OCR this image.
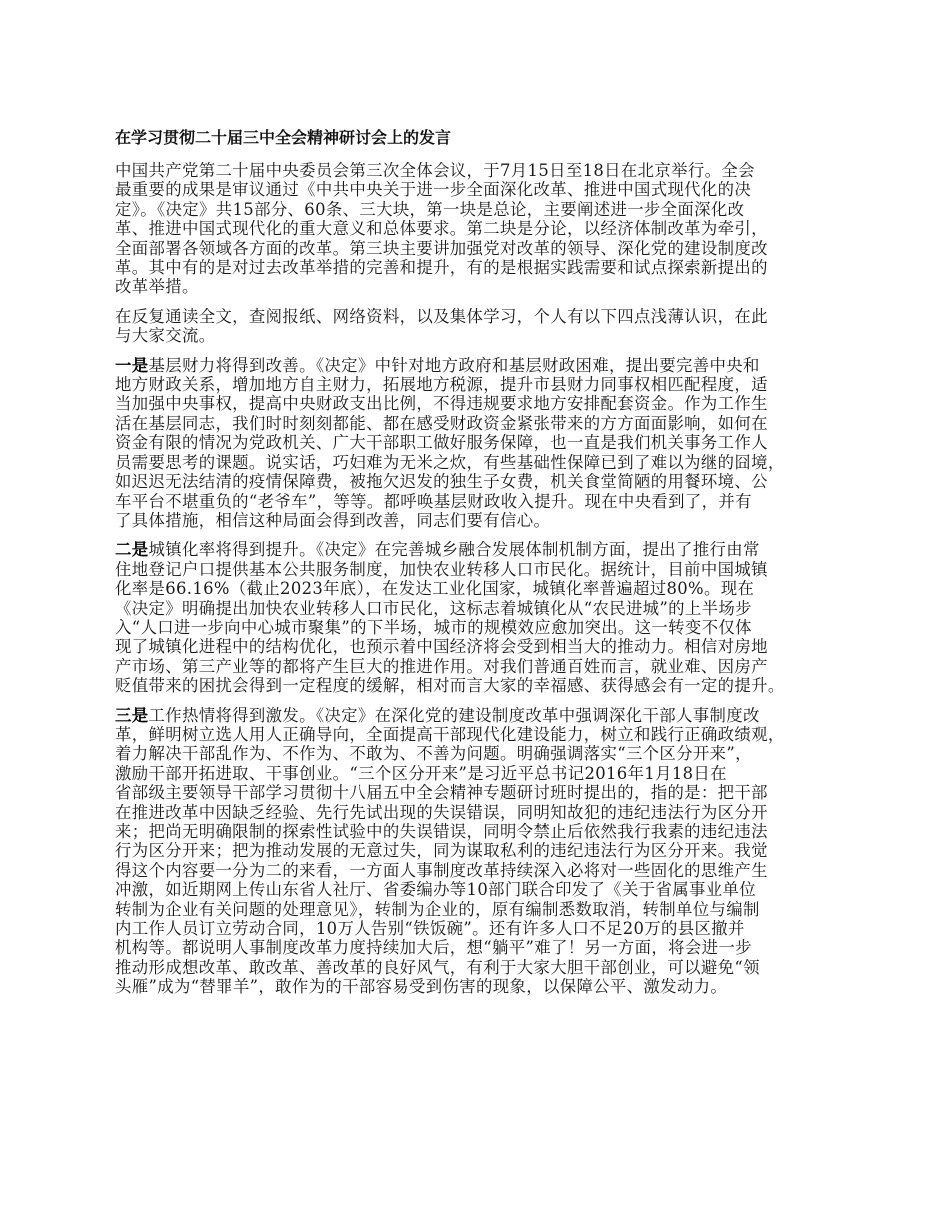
在学习贯彻二十届三中全会精神研讨会上的发言

中国共产党第二十届中央委员会第三次全体会议，于7月15日至18日在北京举行。全会
最重要的成果是审议通过《中共中央关于进一步全面深化改革、推进中国式现代化的决
定》。《决定》共15部分、60条、三大块，第一块是总论，主要阐述进一步全面深化改
革、推进中国式现代化的重大意义和总体要求。第二块是分论，以经济体制改革为牵引，
全面部署各领域各方面的改革。第三块主要讲加强党对改革的领导、深化党的建设制度改
革。其中有的是对过去改革举措的完善和提升，有的是根据实践需要和试点探索新提出的
改革举措。

在反复通读全文，查阅报纸、网络资料，以及集体学习，个人有以下四点浅薄认识，在此
与大家交流。

一是基层财力将得到改善。《决定》中针对地方政府和基层财政困难，提出要完善中央和
地方财政关系，增加地方自主财力，拓展地方税源，提升市县财力同事权相匹配程度，适
当加强中央事权，提高中央财政支出比例，不得违规要求地方安排配套资金。作为工作生
活在基层同志，我们时时刻刻都能、都在感受财政资金紧张带来的方方面面影响，如何在
资金有限的情况为党政机关、广大干部职工做好服务保障，也一直是我们机关事务工作人
员需要思考的课题。说实话，巧妇难为无米之炊，有些基础性保障已到了难以为继的囧境，
如迟迟无法结清的疫情保障费，被拖欠迟发的独生子女费，机关食堂简陋的用餐环境、公
车平台不堪重负的“老爷车”，等等。都呼唤基层财政收入提升。现在中央看到了，并有
了具体措施，相信这种局面会得到改善，同志们要有信心。

二是城镇化率将得到提升。《决定》在完善城乡融合发展体制机制方面，提出了推行由常
住地登记户口提供基本公共服务制度，加快农业转移人口市民化。据统计，目前中国城镇
化率是66.16%（截止2023年底），在发达工业化国家，城镇化率普遍超过80%。现在
《决定》明确提出加快农业转移人口市民化，这标志着城镇化从“农民进城”的上半场步
入“人口进一步向中心城市聚集”的下半场，城市的规模效应愈加突出。这一转变不仅体
现了城镇化进程中的结构优化，也预示着中国经济将会受到相当大的推动力。相信对房地
产市场、第三产业等的都将产生巨大的推进作用。对我们普通百姓而言，就业难、因房产
贬值带来的困扰会得到一定程度的缓解，相对而言大家的幸福感、获得感会有一定的提升。

三是工作热情将得到激发。《决定》在深化党的建设制度改革中强调深化干部人事制度改
革，鲜明树立选人用人正确导向，全面提高干部现代化建设能力，树立和践行正确政绩观，
着力解决干部乱作为、不作为、不敢为、不善为问题。明确强调落实“三个区分开来”，
激励干部开拓进取、干事创业。“三个区分开来”是习近平总书记2016年1月18日在
省部级主要领导干部学习贯彻十八届五中全会精神专题研讨班时提出的，指的是：把干部
在推进改革中因缺乏经验、先行先试出现的失误错误，同明知故犯的违纪违法行为区分开
来；把尚无明确限制的探索性试验中的失误错误，同明令禁止后依然我行我素的违纪违法
行为区分开来；把为推动发展的无意过失，同为谋取私利的违纪违法行为区分开来。我觉
得这个内容要一分为二的来看，一方面人事制度改革持续深入必将对一些固化的思维产生
冲激，如近期网上传山东省人社厅、省委编办等10部门联合印发了《关于省属事业单位
转制为企业有关问题的处理意见》，转制为企业的，原有编制悉数取消，转制单位与编制
内工作人员订立劳动合同，10万人告别“铁饭碗”。还有许多人口不足20万的县区撤并
机构等。都说明人事制度改革力度持续加大后，想“躺平”难了！另一方面，将会进一步
推动形成想改革、敢改革、善改革的良好风气，有利于大家大胆干部创业，可以避免“领
头雁”成为“替罪羊”，敢作为的干部容易受到伤害的现象，以保障公平、激发动力。
